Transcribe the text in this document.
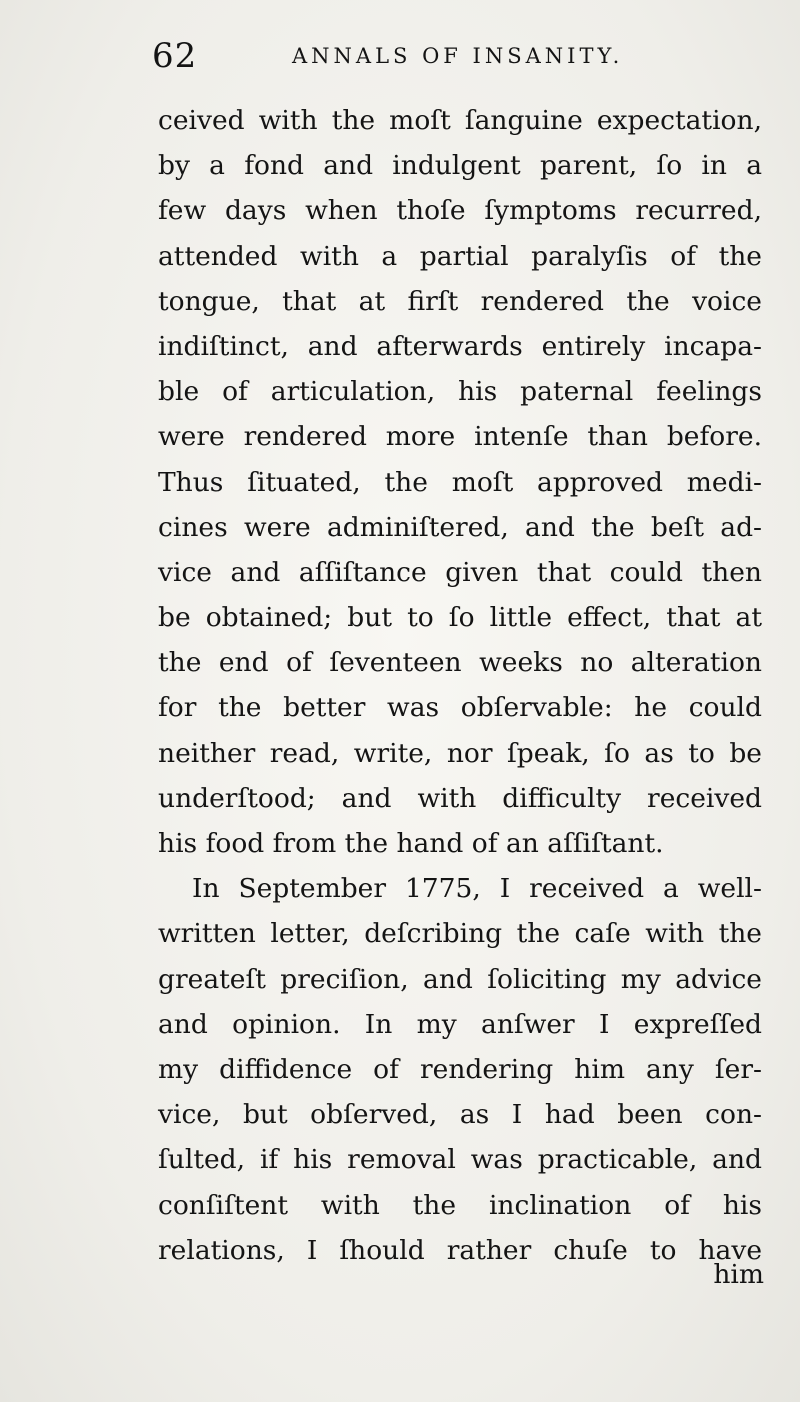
62	ANNALS OF INSANITY.
ceived with the moſt ſanguine expectation,
by a fond and indulgent parent, ſo in a
few days when thoſe ſymptoms recurred,
attended with a partial paralyſis of the
tongue, that at firſt rendered the voice
indiſtinct, and afterwards entirely incapa-
ble of articulation, his paternal feelings
were rendered more intenſe than before.
Thus ſituated, the moſt approved medi-
cines were adminiſtered, and the beſt ad-
vice and aſſiſtance given that could then
be obtained; but to ſo little effect, that at
the end of ſeventeen weeks no alteration
for the better was obſervable: he could
neither read, write, nor ſpeak, ſo as to be
underſtood; and with difficulty received
his food from the hand of an aſſiſtant.
In September 1775, I received a well-
written letter, deſcribing the caſe with the
greateſt preciſion, and ſoliciting my advice
and opinion. In my anſwer I expreſſed
my diffidence of rendering him any ſer-
vice, but obſerved, as I had been con-
ſulted, if his removal was practicable, and
conſiſtent with the inclination of his
relations, I ſhould rather chuſe to have
him
